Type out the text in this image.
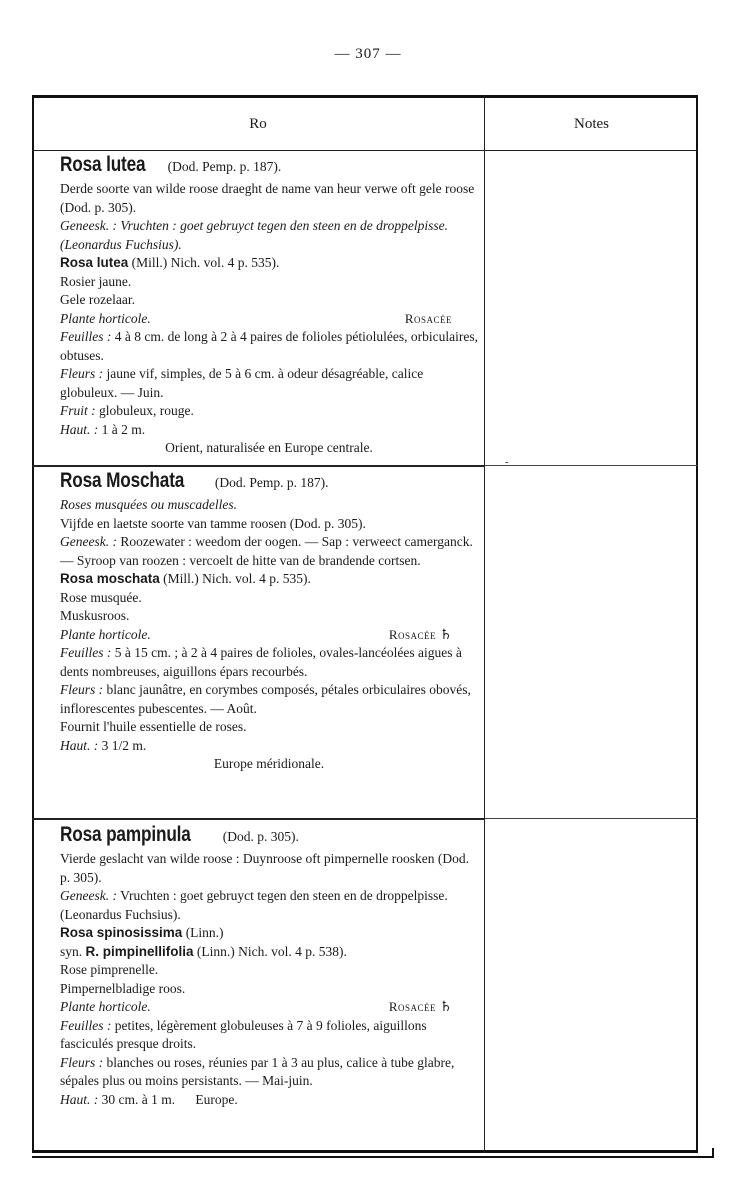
— 307 —
Ro	Notes
-

Rosa lutea (Dod. Pemp. p. 187).

Derde soorte van wilde roose draeght de name van heur verwe oft gele roose (Dod. p. 305).

Geneesk. : Vruchten : goet gebruyct tegen den steen en de droppelpisse. (Leonardus Fuchsius).

Rosa lutea (Mill.) Nich. vol. 4 p. 535).

Rosier jaune.

Gele rozelaar.

Plante horticole.	Rosacée

Feuilles : 4 à 8 cm. de long à 2 à 4 paires de folioles pétiolulées, orbiculaires, obtuses.

Fleurs : jaune vif, simples, de 5 à 6 cm. à odeur désagréable, calice globuleux. — Juin.

Fruit : globuleux, rouge.

Haut. : 1 à 2 m.

Orient, naturalisée en Europe centrale.

Rosa Moschata (Dod. Pemp. p. 187).

Roses musquées ou muscadelles.

Vijfde en laetste soorte van tamme roosen (Dod. p. 305).

Geneesk. : Roozewater : weedom der oogen. — Sap : verweect camerganck. — Syroop van roozen : vercoelt de hitte van de brandende cortsen.

Rosa moschata (Mill.) Nich. vol. 4 p. 535).

Rose musquée.

Muskusroos.

Plante horticole.	Rosacée ♄

Feuilles : 5 à 15 cm. ; à 2 à 4 paires de folioles, ovales-lancéolées aigues à dents nombreuses, aiguillons épars recourbés.

Fleurs : blanc jaunâtre, en corymbes composés, pétales orbiculaires obovés, inflorescentes pubescentes. — Août.

Fournit l'huile essentielle de roses.

Haut. : 3 1/2 m.

Europe méridionale.

Rosa pampinula (Dod. p. 305).

Vierde geslacht van wilde roose : Duynroose oft pimpernelle roosken (Dod. p. 305).

Geneesk. : Vruchten : goet gebruyct tegen den steen en de droppelpisse. (Leonardus Fuchsius).

Rosa spinosissima (Linn.)

syn. R. pimpinellifolia (Linn.) Nich. vol. 4 p. 538).

Rose pimprenelle.

Pimpernelbladige roos.

Plante horticole.	Rosacée ♄

Feuilles : petites, légèrement globuleuses à 7 à 9 folioles, aiguillons fasciculés presque droits.

Fleurs : blanches ou roses, réunies par 1 à 3 au plus, calice à tube glabre, sépales plus ou moins persistants. — Mai-juin.

Haut. : 30 cm. à 1 m. Europe.
